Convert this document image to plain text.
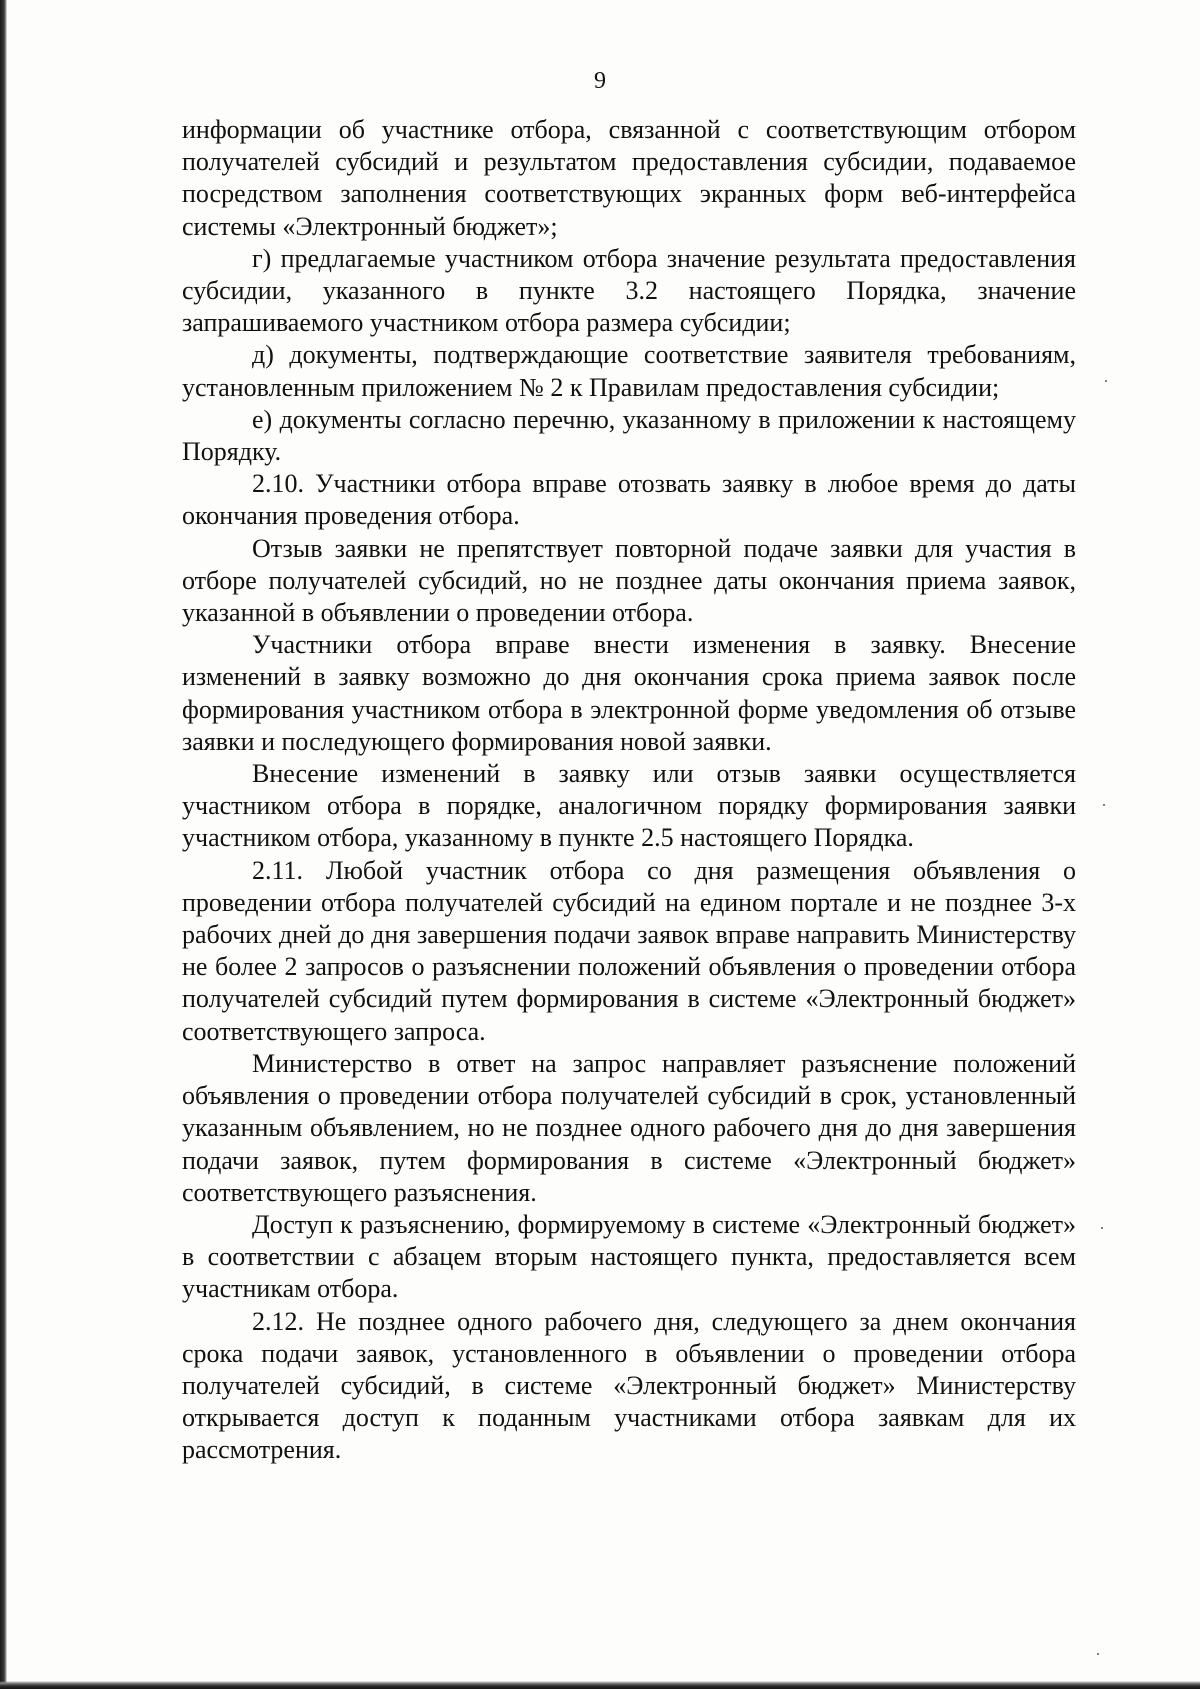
9

информации об участнике отбора, связанной с соответствующим отбором получателей субсидий и результатом предоставления субсидии, подаваемое посредством заполнения соответствующих экранных форм веб-интерфейса системы «Электронный бюджет»;

г) предлагаемые участником отбора значение результата предоставления субсидии, указанного в пункте 3.2 настоящего Порядка, значение запрашиваемого участником отбора размера субсидии;

д) документы, подтверждающие соответствие заявителя требованиям, установленным приложением № 2 к Правилам предоставления субсидии;

е) документы согласно перечню, указанному в приложении к настоящему Порядку.

2.10. Участники отбора вправе отозвать заявку в любое время до даты окончания проведения отбора.

Отзыв заявки не препятствует повторной подаче заявки для участия в отборе получателей субсидий, но не позднее даты окончания приема заявок, указанной в объявлении о проведении отбора.

Участники отбора вправе внести изменения в заявку. Внесение изменений в заявку возможно до дня окончания срока приема заявок после формирования участником отбора в электронной форме уведомления об отзыве заявки и последующего формирования новой заявки.

Внесение изменений в заявку или отзыв заявки осуществляется участником отбора в порядке, аналогичном порядку формирования заявки участником отбора, указанному в пункте 2.5 настоящего Порядка.

2.11. Любой участник отбора со дня размещения объявления о проведении отбора получателей субсидий на едином портале и не позднее 3-х рабочих дней до дня завершения подачи заявок вправе направить Министерству не более 2 запросов о разъяснении положений объявления о проведении отбора получателей субсидий путем формирования в системе «Электронный бюджет» соответствующего запроса.

Министерство в ответ на запрос направляет разъяснение положений объявления о проведении отбора получателей субсидий в срок, установленный указанным объявлением, но не позднее одного рабочего дня до дня завершения подачи заявок, путем формирования в системе «Электронный бюджет» соответствующего разъяснения.

Доступ к разъяснению, формируемому в системе «Электронный бюджет» в соответствии с абзацем вторым настоящего пункта, предоставляется всем участникам отбора.

2.12. Не позднее одного рабочего дня, следующего за днем окончания срока подачи заявок, установленного в объявлении о проведении отбора получателей субсидий, в системе «Электронный бюджет» Министерству открывается доступ к поданным участниками отбора заявкам для их рассмотрения.
